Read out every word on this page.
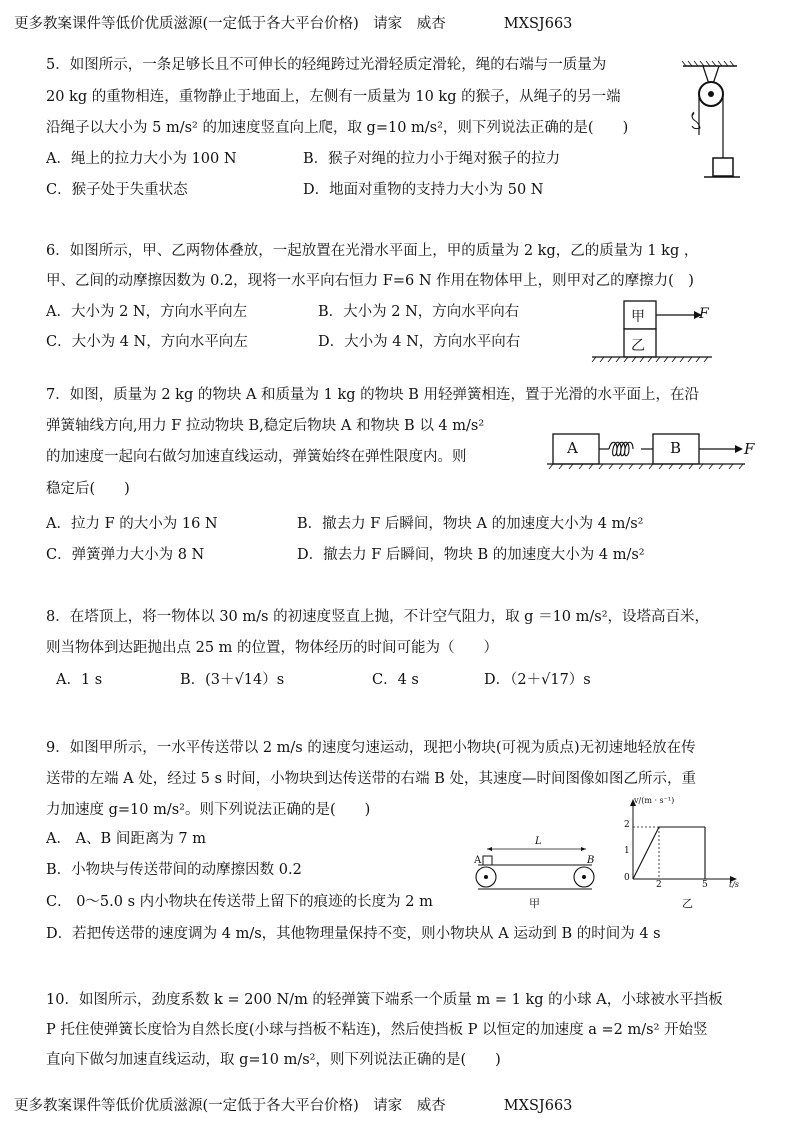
更多教案课件等低价优质滋源(一定低于各大平台价格)　请家　威杏　　　　MXSJ663
5．如图所示，一条足够长且不可伸长的轻绳跨过光滑轻质定滑轮，绳的右端与一质量为
20 kg 的重物相连，重物静止于地面上，左侧有一质量为 10 kg 的猴子，从绳子的另一端
沿绳子以大小为 5 m/s² 的加速度竖直向上爬，取 g=10 m/s²，则下列说法正确的是(　　)
A．绳上的拉力大小为 100 N	B．猴子对绳的拉力小于绳对猴子的拉力
C．猴子处于失重状态	D．地面对重物的支持力大小为 50 N
6．如图所示，甲、乙两物体叠放，一起放置在光滑水平面上，甲的质量为 2 kg，乙的质量为 1 kg ，
甲、乙间的动摩擦因数为 0.2，现将一水平向右恒力 F=6 N 作用在物体甲上，则甲对乙的摩擦力(　)
A．大小为 2 N，方向水平向左	B．大小为 2 N，方向水平向右
C．大小为 4 N，方向水平向左	D．大小为 4 N，方向水平向右
甲
乙
F
7．如图，质量为 2 kg 的物块 A 和质量为 1 kg 的物块 B 用轻弹簧相连，置于光滑的水平面上，在沿
弹簧轴线方向,用力 F 拉动物块 B,稳定后物块 A 和物块 B 以 4 m/s²
的加速度一起向右做匀加速直线运动，弹簧始终在弹性限度内。则
稳定后(　　)
A．拉力 F 的大小为 16 N	B．撤去力 F 后瞬间，物块 A 的加速度大小为 4 m/s²
C．弹簧弹力大小为 8 N	D．撤去力 F 后瞬间，物块 B 的加速度大小为 4 m/s²
A	B	F
8．在塔顶上，将一物体以 30 m/s 的初速度竖直上抛，不计空气阻力，取 g ＝10 m/s²，设塔高百米，
则当物体到达距抛出点 25 m 的位置，物体经历的时间可能为（　　）
A．1 s	B．(3＋√14）s	C．4 s	D．（2＋√17）s
9．如图甲所示，一水平传送带以 2 m/s 的速度匀速运动，现把小物块(可视为质点)无初速地轻放在传
送带的左端 A 处，经过 5 s 时间，小物块到达传送带的右端 B 处，其速度—时间图像如图乙所示，重
力加速度 g=10 m/s²。则下列说法正确的是(　　)
A． A、B 间距离为 7 m
B．小物块与传送带间的动摩擦因数 0.2
C． 0～5.0 s 内小物块在传送带上留下的痕迹的长度为 2 m
D．若把传送带的速度调为 4 m/s，其他物理量保持不变，则小物块从 A 运动到 B 的时间为 4 s
L
A	B
甲
v/(m · s⁻¹)
t/s
2
1
0
2	5
乙
10．如图所示，劲度系数 k = 200 N/m 的轻弹簧下端系一个质量 m = 1 kg 的小球 A，小球被水平挡板
P 托住使弹簧长度恰为自然长度(小球与挡板不粘连)，然后使挡板 P 以恒定的加速度 a =2 m/s² 开始竖
直向下做匀加速直线运动，取 g=10 m/s²，则下列说法正确的是(　　)
更多教案课件等低价优质滋源(一定低于各大平台价格)　请家　威杏　　　　MXSJ663
